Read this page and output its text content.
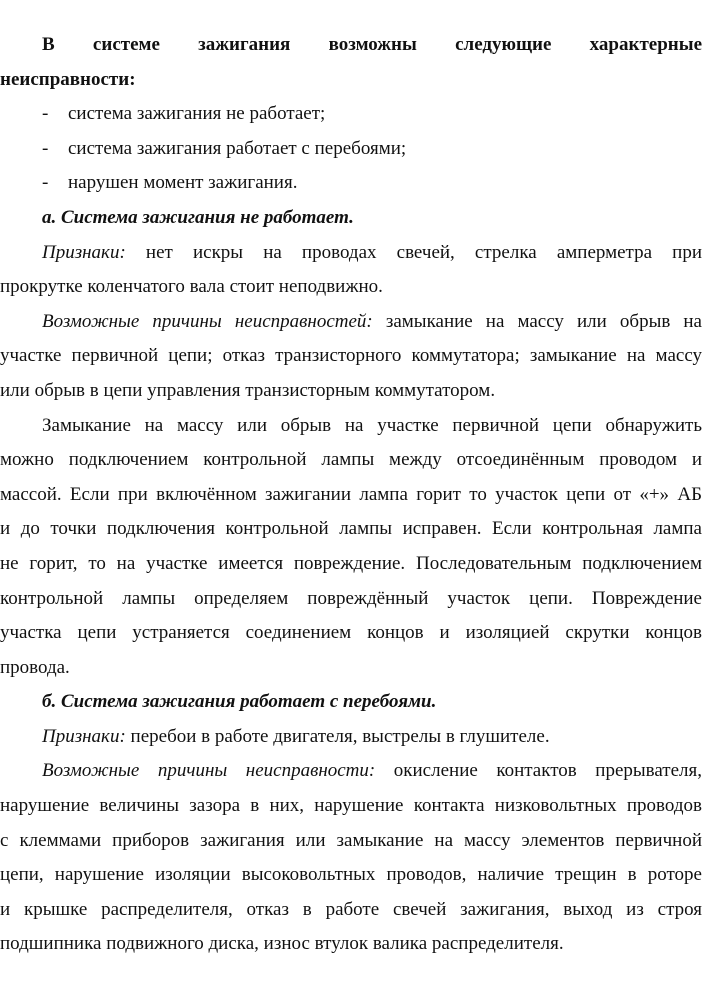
В системе зажигания возможны следующие характерные
неисправности:
- система зажигания не работает;
- система зажигания работает с перебоями;
- нарушен момент зажигания.
а. Система зажигания не работает.
Признаки: нет искры на проводах свечей, стрелка амперметра при
прокрутке коленчатого вала стоит неподвижно.
Возможные причины неисправностей: замыкание на массу или обрыв на
участке первичной цепи; отказ транзисторного коммутатора; замыкание на массу
или обрыв в цепи управления транзисторным коммутатором.
Замыкание на массу или обрыв на участке первичной цепи обнаружить
можно подключением контрольной лампы между отсоединённым проводом и
массой. Если при включённом зажигании лампа горит то участок цепи от «+» АБ
и до точки подключения контрольной лампы исправен. Если контрольная лампа
не горит, то на участке имеется повреждение. Последовательным подключением
контрольной лампы определяем повреждённый участок цепи. Повреждение
участка цепи устраняется соединением концов и изоляцией скрутки концов
провода.
б. Система зажигания работает с перебоями.
Признаки: перебои в работе двигателя, выстрелы в глушителе.
Возможные причины неисправности: окисление контактов прерывателя,
нарушение величины зазора в них, нарушение контакта низковольтных проводов
с клеммами приборов зажигания или замыкание на массу элементов первичной
цепи, нарушение изоляции высоковольтных проводов, наличие трещин в роторе
и крышке распределителя, отказ в работе свечей зажигания, выход из строя
подшипника подвижного диска, износ втулок валика распределителя.
